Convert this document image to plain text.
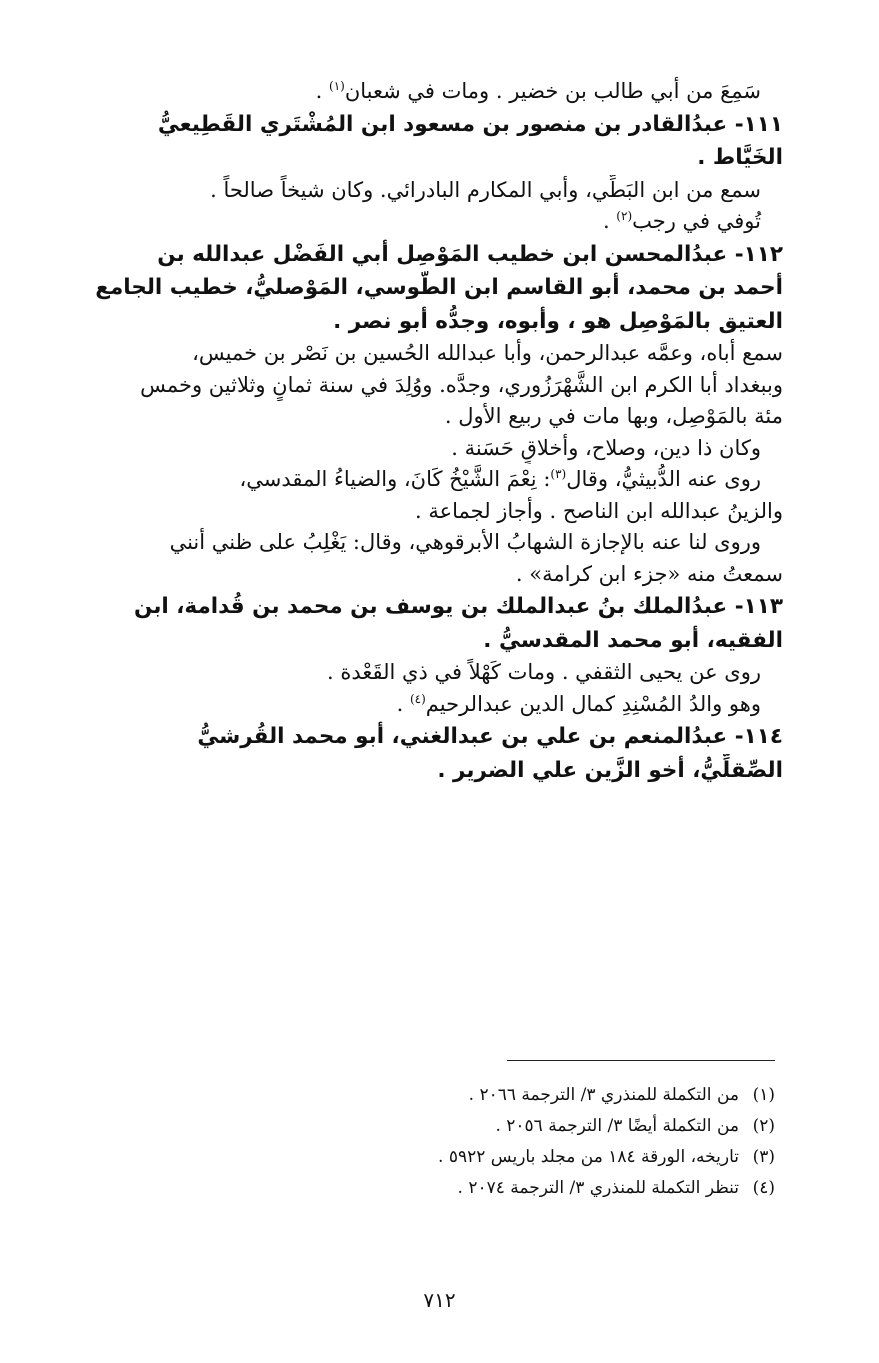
سَمِعَ من أبي طالب بن خضير . ومات في شعبان$^{(١)}$ .
١١١- عبدُالقادر بن منصور بن مسعود ابن المُشْتَري القَطِيعيُّ
الخَيَّاط .
سمع من ابن البَطِّي، وأبي المكارم البادرائي. وكان شيخاً صالحاً .
تُوفي في رجب$^{(٢)}$ .
١١٢- عبدُالمحسن ابن خطيب المَوْصِل أبي الفَضْل عبدالله بن
أحمد بن محمد، أبو القاسم ابن الطُّوسي، المَوْصليُّ، خطيب الجامع
العتيق بالمَوْصِل هو ، وأبوه، وجدُّه أبو نصر .
سمع أباه، وعمَّه عبدالرحمن، وأبا عبدالله الحُسين بن نَصْر بن خميس،
وببغداد أبا الكرم ابن الشَّهْرَزُوري، وجدَّه. ووُلِدَ في سنة ثمانٍ وثلاثين وخمس
مئة بالمَوْصِل، وبها مات في ربيع الأول .
وكان ذا دين، وصلاح، وأخلاقٍ حَسَنة .
روى عنه الدُّبيثيُّ، وقال$^{(٣)}$: نِعْمَ الشَّيْخُ كَانَ، والضياءُ المقدسي،
والزينُ عبدالله ابن الناصح . وأجاز لجماعة .
وروى لنا عنه بالإجازة الشهابُ الأبرقوهي، وقال: يَغْلِبُ على ظني أنني
سمعتُ منه «جزء ابن كرامة» .
١١٣- عبدُالملك بنُ عبدالملك بن يوسف بن محمد بن قُدامة، ابن
الفقيه، أبو محمد المقدسيُّ .
روى عن يحيى الثقفي . ومات كَهْلاً في ذي القَعْدة .
وهو والدُ المُسْنِدِ كمال الدين عبدالرحيم$^{(٤)}$ .
١١٤- عبدُالمنعم بن علي بن عبدالغني، أبو محمد القُرشيُّ
الصِّقلِّيُّ، أخو الزَّين علي الضرير .
(١)من التكملة للمنذري ٣/ الترجمة ٢٠٦٦ .
(٢)من التكملة أيضًا ٣/ الترجمة ٢٠٥٦ .
(٣)تاريخه، الورقة ١٨٤ من مجلد باريس ٥٩٢٢ .
(٤)تنظر التكملة للمنذري ٣/ الترجمة ٢٠٧٤ .
٧١٢
